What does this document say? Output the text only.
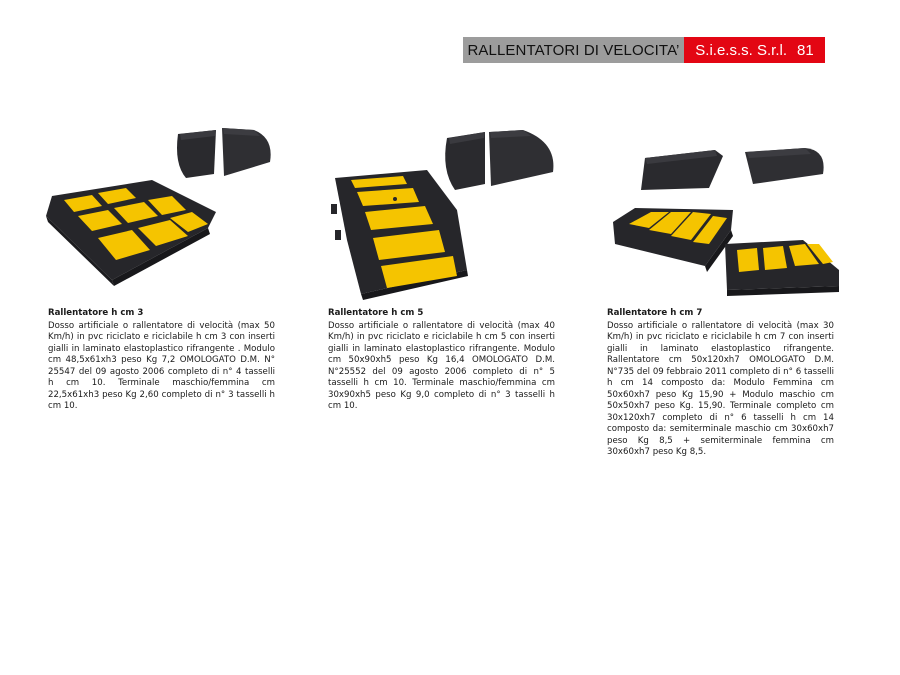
RALLENTATORI DI VELOCITA’	S.i.e.s.s. S.r.l. 81
Rallentatore h cm 3
Dosso artificiale o rallentatore di velocità (max 50 Km/h) in pvc riciclato e riciclabile h cm 3 con inserti gialli in laminato elastoplastico rifrangente . Modulo cm 48,5x61xh3 peso Kg 7,2 OMOLOGATO D.M. N° 25547 del 09 agosto 2006 completo di n° 4 tasselli h cm 10. Terminale maschio/femmina cm 22,5x61xh3 peso Kg 2,60 completo di n° 3 tasselli h cm 10.
Rallentatore h cm 5
Dosso artificiale o rallentatore di velocità (max 40 Km/h) in pvc riciclato e riciclabile h cm 5 con inserti gialli in laminato elastoplastico rifrangente. Modulo cm 50x90xh5 peso Kg 16,4 OMOLOGATO D.M. N°25552 del 09 agosto 2006 completo di n° 5 tasselli h cm 10. Terminale maschio/femmina cm 30x90xh5 peso Kg 9,0 completo di n° 3 tasselli h cm 10.
Rallentatore h cm 7
Dosso artificiale o rallentatore di velocità (max 30 Km/h) in pvc riciclato e riciclabile h cm 7 con inserti gialli in laminato elastoplastico rifrangente. Rallentatore cm 50x120xh7 OMOLOGATO D.M. N°735 del 09 febbraio 2011 completo di n° 6 tasselli h cm 14 composto da: Modulo Femmina cm 50x60xh7 peso Kg 15,90 + Modulo maschio cm 50x50xh7 peso Kg. 15,90. Terminale completo cm 30x120xh7 completo di n° 6 tasselli h cm 14 composto da: semiterminale maschio cm 30x60xh7 peso Kg 8,5 + semiterminale femmina cm 30x60xh7 peso Kg 8,5.
